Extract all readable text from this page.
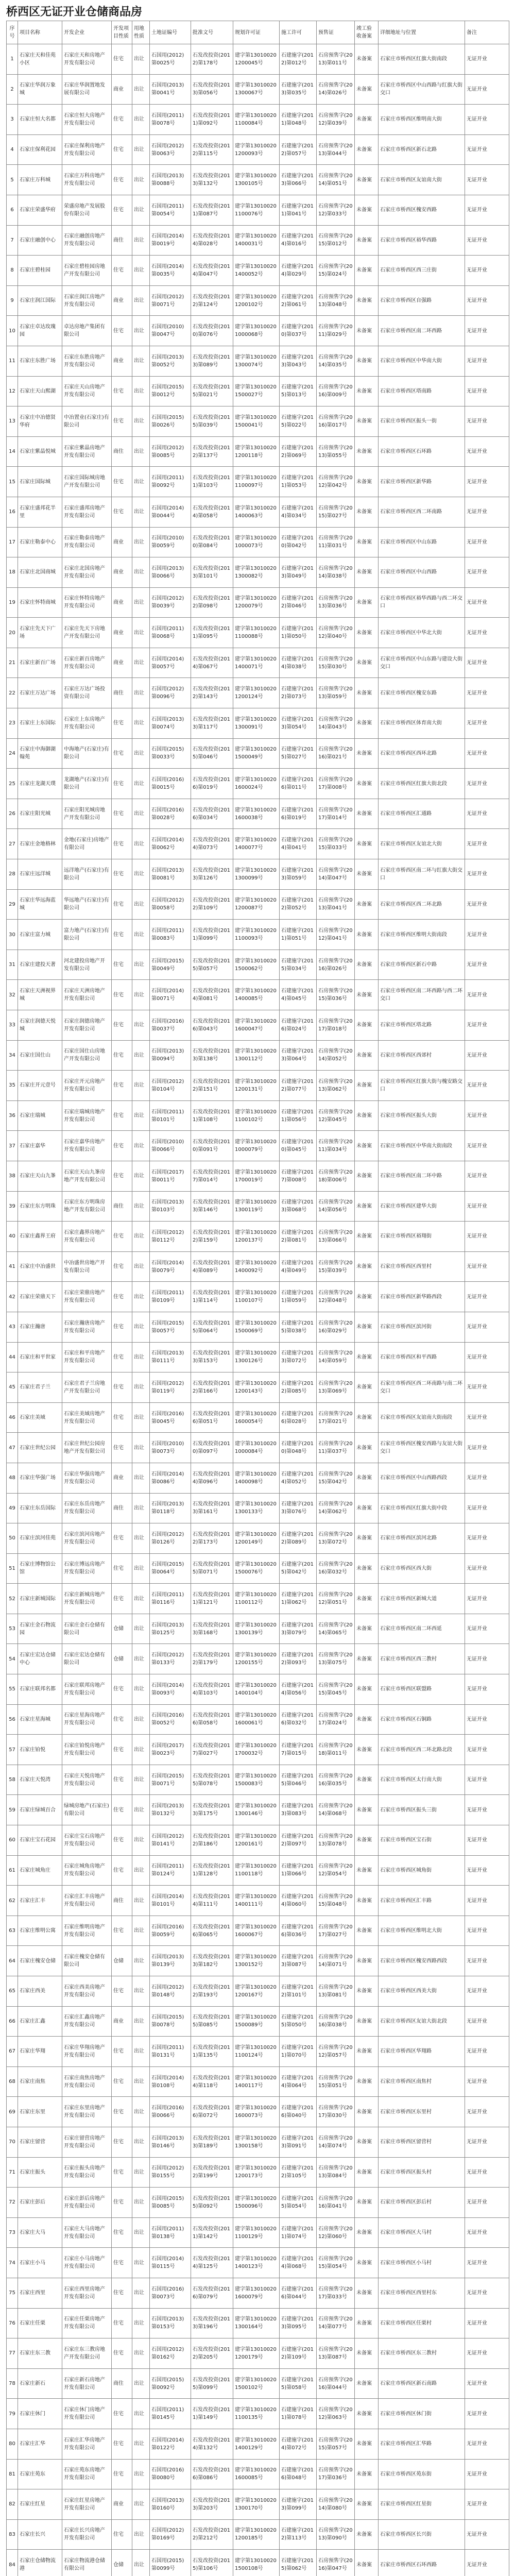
桥西区无证开业仓储商品房
序号	项目名称	开发企业	开发项目性质	用地性质	土地证编号	批准文号	规划许可证	施工许可	预售证	竣工验收备案	详细地址与位置	备注
1	石家庄天和佳苑小区	石家庄天和房地产开发有限公司	住宅	出让	石国用(2012)第0025号	石发改投资(2012)第178号	建字第130100201200045号	石建施字(2012)第012号	石房预售字(2013)第011号	未备案	石家庄市桥西区红旗大街南段	无证开业
2	石家庄华润万象城	石家庄华润置地发展有限公司	商业	出让	石国用(2013)第0041号	石发改投资(2013)第056号	建字第130100201300067号	石建施字(2013)第035号	石房预售字(2014)第026号	未备案	石家庄市桥西区中山西路与红旗大街交口	无证开业
3	石家庄恒大名都	石家庄恒大房地产开发有限公司	住宅	出让	石国用(2011)第0078号	石发改投资(2011)第092号	建字第130100201100084号	石建施字(2011)第048号	石房预售字(2012)第039号	未备案	石家庄市桥西区维明南大街	无证开业
4	石家庄保利花园	石家庄保利房地产开发有限公司	住宅	出让	石国用(2012)第0063号	石发改投资(2012)第115号	建字第130100201200093号	石建施字(2012)第057号	石房预售字(2013)第044号	未备案	石家庄市桥西区新石北路	无证开业
5	石家庄万科城	石家庄万科房地产开发有限公司	住宅	出让	石国用(2013)第0088号	石发改投资(2013)第132号	建字第130100201300105号	石建施字(2013)第066号	石房预售字(2014)第051号	未备案	石家庄市桥西区友谊南大街	无证开业
6	石家庄荣盛华府	荣盛房地产发展股份有限公司	住宅	出让	石国用(2011)第0054号	石发改投资(2011)第087号	建字第130100201100076号	石建施字(2011)第041号	石房预售字(2012)第033号	未备案	石家庄市桥西区槐安西路	无证开业
7	石家庄融创中心	石家庄融创房地产开发有限公司	商住	出让	石国用(2014)第0019号	石发改投资(2014)第028号	建字第130100201400031号	石建施字(2014)第016号	石房预售字(2015)第012号	未备案	石家庄市桥西区裕华西路	无证开业
8	石家庄碧桂园	石家庄碧桂园房地产开发有限公司	住宅	出让	石国用(2014)第0035号	石发改投资(2014)第047号	建字第130100201400052号	石建施字(2014)第029号	石房预售字(2015)第024号	未备案	石家庄市桥西区西三庄街	无证开业
9	石家庄润江国际	石家庄润江房地产开发有限公司	商业	出让	石国用(2012)第0071号	石发改投资(2012)第124号	建字第130100201200102号	石建施字(2012)第061号	石房预售字(2013)第048号	未备案	石家庄市桥西区自强路	无证开业
10	石家庄卓达玫瑰园	卓达房地产集团有限公司	住宅	出让	石国用(2010)第0047号	石发改投资(2010)第076号	建字第130100201000068号	石建施字(2010)第037号	石房预售字(2011)第029号	未备案	石家庄市桥西区南二环西路	无证开业
11	石家庄东胜广场	石家庄东胜房地产开发有限公司	商业	出让	石国用(2013)第0052号	石发改投资(2013)第089号	建字第130100201300074号	石建施字(2013)第043号	石房预售字(2014)第035号	未备案	石家庄市桥西区中华南大街	无证开业
12	石家庄天山熙湖	石家庄天山房地产开发有限公司	住宅	出让	石国用(2015)第0012号	石发改投资(2015)第021号	建字第130100201500027号	石建施字(2015)第013号	石房预售字(2016)第009号	未备案	石家庄市桥西区塔南路	无证开业
13	石家庄中冶德贤华府	中冶置业(石家庄)有限公司	住宅	出让	石国用(2015)第0026号	石发改投资(2015)第039号	建字第130100201500041号	石建施字(2015)第022号	石房预售字(2016)第017号	未备案	石家庄市桥西区振头一街	无证开业
14	石家庄紫晶悦城	石家庄紫晶房地产开发有限公司	商住	出让	石国用(2012)第0085号	石发改投资(2012)第137号	建字第130100201200118号	石建施字(2012)第069号	石房预售字(2013)第055号	未备案	石家庄市桥西区石环路	无证开业
15	石家庄国际城	石家庄国际城房地产开发有限公司	住宅	出让	石国用(2011)第0092号	石发改投资(2011)第103号	建字第130100201100097号	石建施字(2011)第053号	石房预售字(2012)第042号	未备案	石家庄市桥西区新华路	无证开业
16	石家庄盛邦花半里	石家庄盛邦房地产开发有限公司	住宅	出让	石国用(2014)第0044号	石发改投资(2014)第058号	建字第130100201400063号	石建施字(2014)第034号	石房预售字(2015)第027号	未备案	石家庄市桥西区西二环南路	无证开业
17	石家庄勒泰中心	石家庄勒泰房地产开发有限公司	商业	出让	石国用(2010)第0059号	石发改投资(2010)第084号	建字第130100201000073号	石建施字(2010)第042号	石房预售字(2011)第031号	未备案	石家庄市桥西区中山东路	无证开业
18	石家庄北国商城	石家庄北国房地产开发有限公司	商业	出让	石国用(2013)第0066号	石发改投资(2013)第101号	建字第130100201300082号	石建施字(2013)第049号	石房预售字(2014)第038号	未备案	石家庄市桥西区中山西路	无证开业
19	石家庄怀特商城	石家庄怀特房地产开发有限公司	商业	出让	石国用(2012)第0039号	石发改投资(2012)第098号	建字第130100201200079号	石建施字(2012)第046号	石房预售字(2013)第036号	未备案	石家庄市桥西区裕华西路与西二环交口	无证开业
20	石家庄先天下广场	石家庄先天下房地产开发有限公司	商业	出让	石国用(2011)第0068号	石发改投资(2011)第095号	建字第130100201100088号	石建施字(2011)第050号	石房预售字(2012)第040号	未备案	石家庄市桥西区中华北大街	无证开业
21	石家庄新百广场	石家庄新百房地产开发有限公司	商业	出让	石国用(2014)第0057号	石发改投资(2014)第067号	建字第130100201400071号	石建施字(2014)第038号	石房预售字(2015)第030号	未备案	石家庄市桥西区中山东路与建设大街交口	无证开业
22	石家庄万达广场	石家庄万达广场投资有限公司	商住	出让	石国用(2012)第0096号	石发改投资(2012)第143号	建字第130100201200124号	石建施字(2012)第073号	石房预售字(2013)第059号	未备案	石家庄市桥西区槐安东路	无证开业
23	石家庄上东国际	石家庄上东房地产开发有限公司	住宅	出让	石国用(2013)第0074号	石发改投资(2013)第117号	建字第130100201300091号	石建施字(2013)第054号	石房预售字(2014)第043号	未备案	石家庄市桥西区体育南大街	无证开业
24	石家庄中海御湖翰苑	中海地产(石家庄)有限公司	住宅	出让	石国用(2015)第0033号	石发改投资(2015)第046号	建字第130100201500049号	石建施字(2015)第027号	石房预售字(2016)第021号	未备案	石家庄市桥西区西环北路	无证开业
25	石家庄龙湖天璞	龙湖地产(石家庄)有限公司	住宅	出让	石国用(2016)第0015号	石发改投资(2016)第019号	建字第130100201600024号	石建施字(2016)第011号	石房预售字(2017)第008号	未备案	石家庄市桥西区红旗大街北段	无证开业
26	石家庄阳光城	石家庄阳光城房地产开发有限公司	住宅	出让	石国用(2016)第0028号	石发改投资(2016)第034号	建字第130100201600038号	石建施字(2016)第019号	石房预售字(2017)第014号	未备案	石家庄市桥西区汇通路	无证开业
27	石家庄金地格林	金地(石家庄)房地产有限公司	住宅	出让	石国用(2014)第0062号	石发改投资(2014)第073号	建字第130100201400077号	石建施字(2014)第041号	石房预售字(2015)第033号	未备案	石家庄市桥西区友谊北大街	无证开业
28	石家庄远洋城	远洋地产(石家庄)有限公司	住宅	出让	石国用(2013)第0081号	石发改投资(2013)第126号	建字第130100201300099号	石建施字(2013)第059号	石房预售字(2014)第047号	未备案	石家庄市桥西区南二环与红旗大街交口	无证开业
29	石家庄华远海蓝城	华远地产(石家庄)有限公司	住宅	出让	石国用(2012)第0058号	石发改投资(2012)第109号	建字第130100201200087号	石建施字(2012)第052号	石房预售字(2013)第041号	未备案	石家庄市桥西区西二环北路	无证开业
30	石家庄富力城	富力地产(石家庄)有限公司	住宅	出让	石国用(2011)第0083号	石发改投资(2011)第099号	建字第130100201100093号	石建施字(2011)第051号	石房预售字(2012)第041号	未备案	石家庄市桥西区维明大街南段	无证开业
31	石家庄建投天著	河北建投房地产开发有限公司	住宅	出让	石国用(2015)第0049号	石发改投资(2015)第057号	建字第130100201500062号	石建施字(2015)第034号	石房预售字(2016)第026号	未备案	石家庄市桥西区新石中路	无证开业
32	石家庄天洲视界城	石家庄天洲房地产开发有限公司	住宅	出让	石国用(2014)第0071号	石发改投资(2014)第081号	建字第130100201400085号	石建施字(2014)第045号	石房预售字(2015)第036号	未备案	石家庄市桥西区南二环西路与西二环交口	无证开业
33	石家庄润德天悦城	石家庄润德房地产开发有限公司	住宅	出让	石国用(2016)第0037号	石发改投资(2016)第043号	建字第130100201600047号	石建施字(2016)第024号	石房预售字(2017)第018号	未备案	石家庄市桥西区塔北路	无证开业
34	石家庄国仕山	石家庄国仕山房地产开发有限公司	住宅	出让	石国用(2013)第0094号	石发改投资(2013)第138号	建字第130100201300112号	石建施字(2013)第064号	石房预售字(2014)第052号	未备案	石家庄市桥西区西郊村	无证开业
35	石家庄开元壹号	石家庄开元房地产开发有限公司	住宅	出让	石国用(2012)第0104号	石发改投资(2012)第151号	建字第130100201200131号	石建施字(2012)第077号	石房预售字(2013)第062号	未备案	石家庄市桥西区红旗大街与槐安路交口	无证开业
36	石家庄瑞城	石家庄瑞城房地产开发有限公司	住宅	出让	石国用(2011)第0101号	石发改投资(2011)第108号	建字第130100201100102号	石建施字(2011)第056号	石房预售字(2012)第045号	未备案	石家庄市桥西区振头大街	无证开业
37	石家庄嘉华	石家庄嘉华房地产开发有限公司	住宅	出让	石国用(2010)第0066号	石发改投资(2010)第091号	建字第130100201000079号	石建施字(2010)第045号	石房预售字(2011)第034号	未备案	石家庄市桥西区中华南大街南段	无证开业
38	石家庄天山九峯	石家庄天山九峯房地产开发有限公司	住宅	出让	石国用(2017)第0011号	石发改投资(2017)第014号	建字第130100201700019号	石建施字(2017)第008号	石房预售字(2018)第006号	未备案	石家庄市桥西区南二环中路	无证开业
39	石家庄东方明珠	石家庄东方明珠房地产开发有限公司	商住	出让	石国用(2013)第0103号	石发改投资(2013)第146号	建字第130100201300119号	石建施字(2013)第068号	石房预售字(2014)第056号	未备案	石家庄市桥西区建华大街	无证开业
40	石家庄鑫界王府	石家庄鑫界房地产开发有限公司	住宅	出让	石国用(2012)第0112号	石发改投资(2012)第159号	建字第130100201200137号	石建施字(2012)第081号	石房预售字(2013)第066号	未备案	石家庄市桥西区裕翔街	无证开业
41	石家庄中冶盛世	中冶盛世房地产开发有限公司	住宅	出让	石国用(2014)第0079号	石发改投资(2014)第089号	建字第130100201400092号	石建施字(2014)第049号	石房预售字(2015)第039号	未备案	石家庄市桥西区西里村	无证开业
42	石家庄荣鼎天下	石家庄荣鼎房地产开发有限公司	住宅	出让	石国用(2011)第0109号	石发改投资(2011)第114号	建字第130100201100107号	石建施字(2011)第059号	石房预售字(2012)第048号	未备案	石家庄市桥西区新华路西段	无证开业
43	石家庄瀚唐	石家庄瀚唐房地产开发有限公司	住宅	出让	石国用(2015)第0057号	石发改投资(2015)第064号	建字第130100201500069号	石建施字(2015)第038号	石房预售字(2016)第029号	未备案	石家庄市桥西区滨河街	无证开业
44	石家庄和平世家	石家庄和平房地产开发有限公司	住宅	出让	石国用(2013)第0111号	石发改投资(2013)第153号	建字第130100201300126号	石建施字(2013)第072号	石房预售字(2014)第059号	未备案	石家庄市桥西区和平西路	无证开业
45	石家庄君子兰	石家庄君子兰房地产开发有限公司	住宅	出让	石国用(2012)第0119号	石发改投资(2012)第166号	建字第130100201200143号	石建施字(2012)第085号	石房预售字(2013)第069号	未备案	石家庄市桥西区西二环南路与南二环交口	无证开业
46	石家庄美域	石家庄美域房地产开发有限公司	住宅	出让	石国用(2016)第0045号	石发改投资(2016)第051号	建字第130100201600054号	石建施字(2016)第028号	石房预售字(2017)第021号	未备案	石家庄市桥西区友谊南大街南段	无证开业
47	石家庄世纪公园	石家庄世纪公园房地产开发有限公司	住宅	出让	石国用(2010)第0073号	石发改投资(2010)第097号	建字第130100201000084号	石建施字(2010)第048号	石房预售字(2011)第037号	未备案	石家庄市桥西区槐安西路与友谊大街交口	无证开业
48	石家庄华强广场	石家庄华强房地产开发有限公司	商业	出让	石国用(2014)第0086号	石发改投资(2014)第096号	建字第130100201400098号	石建施字(2014)第052号	石房预售字(2015)第042号	未备案	石家庄市桥西区中山西路西段	无证开业
49	石家庄东岳国际	石家庄东岳房地产开发有限公司	商住	出让	石国用(2013)第0118号	石发改投资(2013)第161号	建字第130100201300133号	石建施字(2013)第076号	石房预售字(2014)第062号	未备案	石家庄市桥西区红旗大街中段	无证开业
50	石家庄滨河佳苑	石家庄滨河房地产开发有限公司	住宅	出让	石国用(2012)第0126号	石发改投资(2012)第173号	建字第130100201200149号	石建施字(2012)第089号	石房预售字(2013)第072号	未备案	石家庄市桥西区滨河北路	无证开业
51	石家庄博物馆公馆	石家庄博远房地产开发有限公司	住宅	出让	石国用(2015)第0064号	石发改投资(2015)第071号	建字第130100201500076号	石建施字(2015)第042号	石房预售字(2016)第032号	未备案	石家庄市桥西区西大街	无证开业
52	石家庄新城国际	石家庄新城房地产开发有限公司	住宅	出让	石国用(2011)第0116号	石发改投资(2011)第121号	建字第130100201100112号	石建施字(2011)第062号	石房预售字(2012)第051号	未备案	石家庄市桥西区新城大道	无证开业
53	石家庄金石物流园	石家庄金石仓储有限公司	仓储	出让	石国用(2013)第0125号	石发改投资(2013)第168号	建字第130100201300139号	石建施字(2013)第079号	石房预售字(2014)第065号	未备案	石家庄市桥西区南二环西延	无证开业
54	石家庄宏达仓储中心	石家庄宏达仓储有限公司	仓储	出让	石国用(2012)第0133号	石发改投资(2012)第179号	建字第130100201200155号	石建施字(2012)第093号	石房预售字(2013)第075号	未备案	石家庄市桥西区西三教村	无证开业
55	石家庄联邦名都	石家庄联邦房地产开发有限公司	住宅	出让	石国用(2014)第0093号	石发改投资(2014)第103号	建字第130100201400104号	石建施字(2014)第056号	石房预售字(2015)第045号	未备案	石家庄市桥西区联盟路	无证开业
56	石家庄星海城	石家庄星海房地产开发有限公司	住宅	出让	石国用(2016)第0052号	石发改投资(2016)第058号	建字第130100201600061号	石建施字(2016)第032号	石房预售字(2017)第024号	未备案	石家庄市桥西区石铜路	无证开业
57	石家庄铂悦	石家庄铂悦房地产开发有限公司	住宅	出让	石国用(2017)第0023号	石发改投资(2017)第027号	建字第130100201700032号	石建施字(2017)第015号	石房预售字(2018)第011号	未备案	石家庄市桥西区西二环北路北段	无证开业
58	石家庄天悦湾	石家庄天悦房地产开发有限公司	住宅	出让	石国用(2015)第0071号	石发改投资(2015)第078号	建字第130100201500083号	石建施字(2015)第046号	石房预售字(2016)第035号	未备案	石家庄市桥西区太行南大街	无证开业
59	石家庄绿城百合	绿城房地产(石家庄)有限公司	住宅	出让	石国用(2013)第0132号	石发改投资(2013)第175号	建字第130100201300146号	石建施字(2013)第083号	石房预售字(2014)第068号	未备案	石家庄市桥西区振头三街	无证开业
60	石家庄宝石花园	石家庄宝石房地产开发有限公司	住宅	出让	石国用(2012)第0141号	石发改投资(2012)第186号	建字第130100201200161号	石建施字(2012)第097号	石房预售字(2013)第078号	未备案	石家庄市桥西区宝石街	无证开业
61	石家庄城角庄	石家庄城角房地产开发有限公司	住宅	出让	石国用(2011)第0124号	石发改投资(2011)第128号	建字第130100201100118号	石建施字(2011)第066号	石房预售字(2012)第054号	未备案	石家庄市桥西区城角街	无证开业
62	石家庄汇丰	石家庄汇丰房地产开发有限公司	商住	出让	石国用(2014)第0101号	石发改投资(2014)第111号	建字第130100201400111号	石建施字(2014)第060号	石房预售字(2015)第048号	未备案	石家庄市桥西区汇丰路	无证开业
63	石家庄维明公寓	石家庄维明房地产开发有限公司	住宅	出让	石国用(2016)第0059号	石发改投资(2016)第065号	建字第130100201600067号	石建施字(2016)第036号	石房预售字(2017)第027号	未备案	石家庄市桥西区维明北大街	无证开业
64	石家庄槐安仓储	石家庄槐安仓储有限公司	仓储	出让	石国用(2013)第0139号	石发改投资(2013)第182号	建字第130100201300152号	石建施字(2013)第087号	石房预售字(2014)第071号	未备案	石家庄市桥西区槐安西路西段	无证开业
65	石家庄西美	石家庄西美房地产开发有限公司	住宅	出让	石国用(2012)第0148号	石发改投资(2012)第193号	建字第130100201200167号	石建施字(2012)第101号	石房预售字(2013)第081号	未备案	石家庄市桥西区西美大街	无证开业
66	石家庄汇鑫	石家庄汇鑫房地产开发有限公司	商业	出让	石国用(2015)第0078号	石发改投资(2015)第085号	建字第130100201500089号	石建施字(2015)第050号	石房预售字(2016)第038号	未备案	石家庄市桥西区友谊大街北段	无证开业
67	石家庄华翔	石家庄华翔房地产开发有限公司	住宅	出让	石国用(2011)第0131号	石发改投资(2011)第135号	建字第130100201100124号	石建施字(2011)第070号	石房预售字(2012)第057号	未备案	石家庄市桥西区华翔路	无证开业
68	石家庄南焦	石家庄南焦房地产开发有限公司	住宅	出让	石国用(2014)第0108号	石发改投资(2014)第118号	建字第130100201400117号	石建施字(2014)第064号	石房预售字(2015)第051号	未备案	石家庄市桥西区南焦村	无证开业
69	石家庄东里	石家庄东里房地产开发有限公司	住宅	出让	石国用(2016)第0066号	石发改投资(2016)第072号	建字第130100201600073号	石建施字(2016)第040号	石房预售字(2017)第030号	未备案	石家庄市桥西区东里村	无证开业
70	石家庄留营	石家庄留营房地产开发有限公司	住宅	出让	石国用(2013)第0146号	石发改投资(2013)第189号	建字第130100201300158号	石建施字(2013)第091号	石房预售字(2014)第074号	未备案	石家庄市桥西区留营村	无证开业
71	石家庄振头	石家庄振头房地产开发有限公司	住宅	出让	石国用(2012)第0155号	石发改投资(2012)第199号	建字第130100201200173号	石建施字(2012)第105号	石房预售字(2013)第084号	未备案	石家庄市桥西区振头村	无证开业
72	石家庄彭后	石家庄彭后房地产开发有限公司	住宅	出让	石国用(2015)第0085号	石发改投资(2015)第092号	建字第130100201500096号	石建施字(2015)第054号	石房预售字(2016)第041号	未备案	石家庄市桥西区彭后村	无证开业
73	石家庄大马	石家庄大马房地产开发有限公司	住宅	出让	石国用(2011)第0138号	石发改投资(2011)第142号	建字第130100201100129号	石建施字(2011)第074号	石房预售字(2012)第060号	未备案	石家庄市桥西区大马村	无证开业
74	石家庄小马	石家庄小马房地产开发有限公司	住宅	出让	石国用(2014)第0115号	石发改投资(2014)第125号	建字第130100201400123号	石建施字(2014)第068号	石房预售字(2015)第054号	未备案	石家庄市桥西区小马村	无证开业
75	石家庄西里	石家庄西里房地产开发有限公司	住宅	出让	石国用(2016)第0073号	石发改投资(2016)第079号	建字第130100201600079号	石建施字(2016)第044号	石房预售字(2017)第033号	未备案	石家庄市桥西区西里村东	无证开业
76	石家庄任栗	石家庄任栗房地产开发有限公司	住宅	出让	石国用(2013)第0153号	石发改投资(2013)第196号	建字第130100201300164号	石建施字(2013)第095号	石房预售字(2014)第077号	未备案	石家庄市桥西区任栗村	无证开业
77	石家庄东三教	石家庄东三教房地产开发有限公司	住宅	出让	石国用(2012)第0162号	石发改投资(2012)第205号	建字第130100201200179号	石建施字(2012)第109号	石房预售字(2013)第087号	未备案	石家庄市桥西区东三教村	无证开业
78	石家庄新石	石家庄新石房地产开发有限公司	商住	出让	石国用(2015)第0092号	石发改投资(2015)第099号	建字第130100201500102号	石建施字(2015)第058号	石房预售字(2016)第044号	未备案	石家庄市桥西区新石南路	无证开业
79	石家庄休门	石家庄休门房地产开发有限公司	住宅	出让	石国用(2011)第0145号	石发改投资(2011)第149号	建字第130100201100135号	石建施字(2011)第078号	石房预售字(2012)第063号	未备案	石家庄市桥西区休门街	无证开业
80	石家庄汇华	石家庄汇华房地产开发有限公司	住宅	出让	石国用(2014)第0122号	石发改投资(2014)第132号	建字第130100201400129号	石建施字(2014)第072号	石房预售字(2015)第057号	未备案	石家庄市桥西区汇华路	无证开业
81	石家庄苑东	石家庄苑东房地产开发有限公司	住宅	出让	石国用(2016)第0080号	石发改投资(2016)第086号	建字第130100201600085号	石建施字(2016)第048号	石房预售字(2017)第036号	未备案	石家庄市桥西区苑东街	无证开业
82	石家庄红星	石家庄红星房地产开发有限公司	商业	出让	石国用(2013)第0160号	石发改投资(2013)第203号	建字第130100201300170号	石建施字(2013)第099号	石房预售字(2014)第080号	未备案	石家庄市桥西区红星街	无证开业
83	石家庄长兴	石家庄长兴房地产开发有限公司	住宅	出让	石国用(2012)第0169号	石发改投资(2012)第212号	建字第130100201200185号	石建施字(2012)第113号	石房预售字(2013)第090号	未备案	石家庄市桥西区长兴街	无证开业
84	石家庄仓储物流港	石家庄物流港仓储有限公司	仓储	出让	石国用(2015)第0099号	石发改投资(2015)第106号	建字第130100201500108号	石建施字(2015)第062号	石房预售字(2016)第047号	未备案	石家庄市桥西区石环西路	无证开业
